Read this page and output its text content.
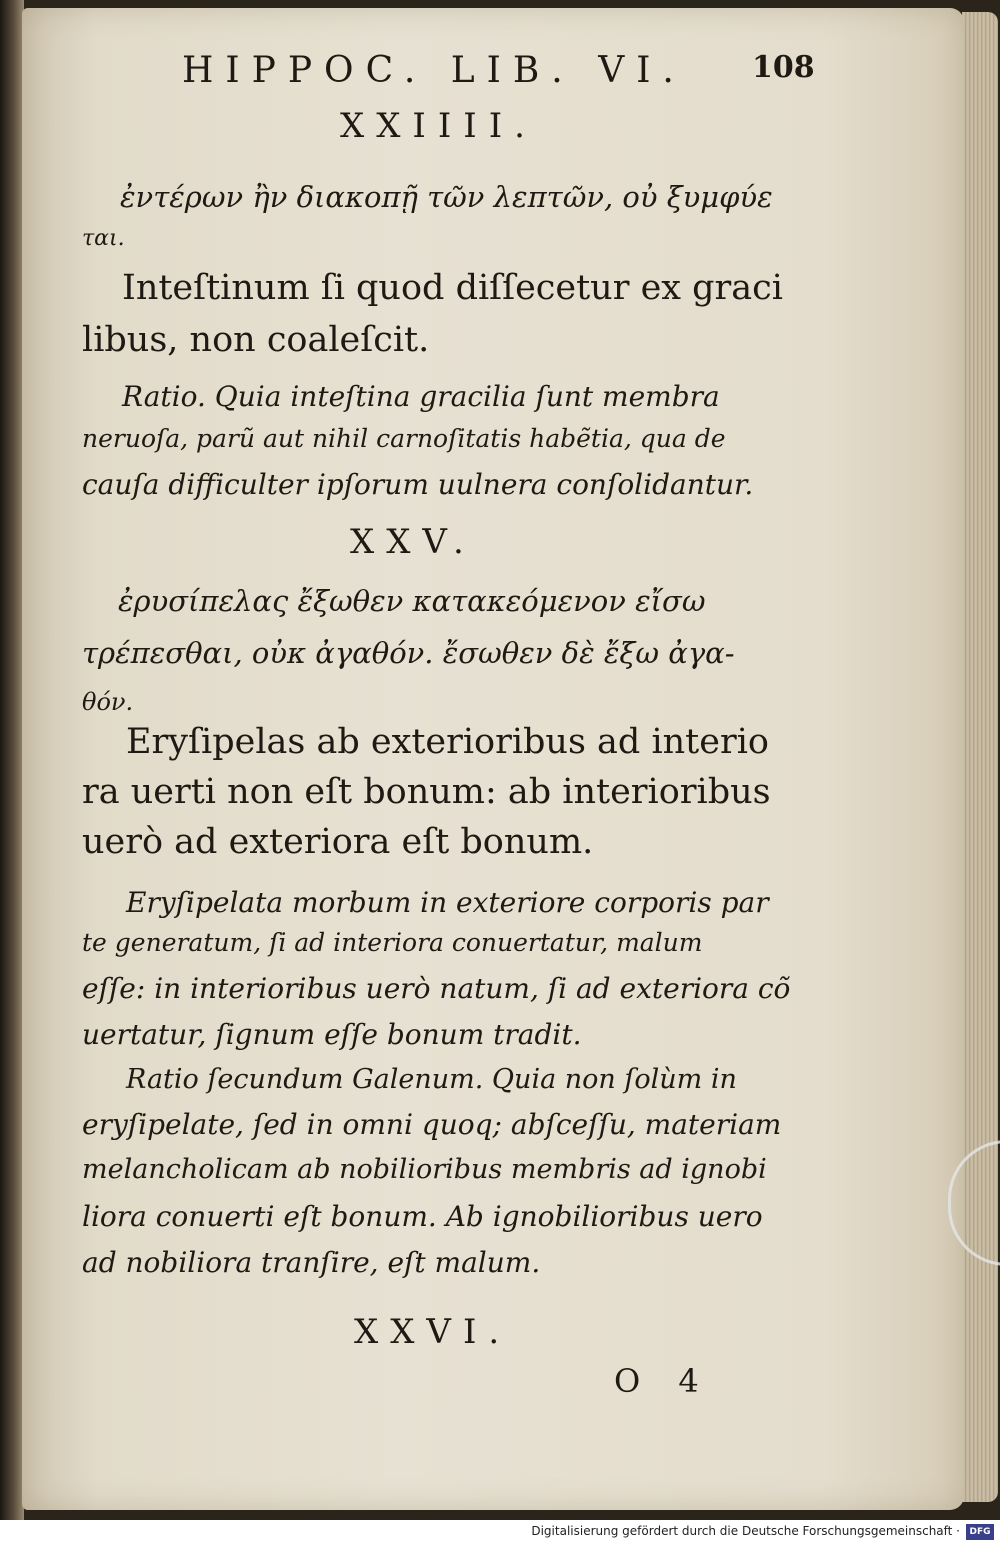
HIPPOC. LIB. VI. 108
XXIIII.
ἐντέρων ἢν διακοπῇ τῶν λεπτῶν, οὐ ξυμφύε
ται.
Inteſtinum ſi quod diſſecetur ex graci
libus, non coaleſcit.
Ratio. Quia inteſtina gracilia ſunt membra
neruoſa, parũ aut nihil carnoſitatis habẽtia, qua de
cauſa difficulter ipſorum uulnera conſolidantur.
XXV.
ἐρυσίπελας ἔξωθεν κατακεόμενον εἴσω
τρέπεσθαι, οὐκ ἀγαθόν. ἔσωθεν δὲ ἔξω ἀγα-
θόν.
Eryſipelas ab exterioribus ad interio
ra uerti non eſt bonum: ab interioribus
uerò ad exteriora eſt bonum.
Eryſipelata morbum in exteriore corporis par
te generatum, ſi ad interiora conuertatur, malum
eſſe: in interioribus uerò natum, ſi ad exteriora cõ
uertatur, ſignum eſſe bonum tradit.
Ratio ſecundum Galenum. Quia non ſolùm in
eryſipelate, ſed in omni quoq; abſceſſu, materiam
melancholicam ab nobilioribus membris ad ignobi
liora conuerti eſt bonum. Ab ignobilioribus uero
ad nobiliora tranſire, eſt malum.
XXVI.
O 4
Digitalisierung gefördert durch die Deutsche Forschungsgemeinschaft ·	DFG
